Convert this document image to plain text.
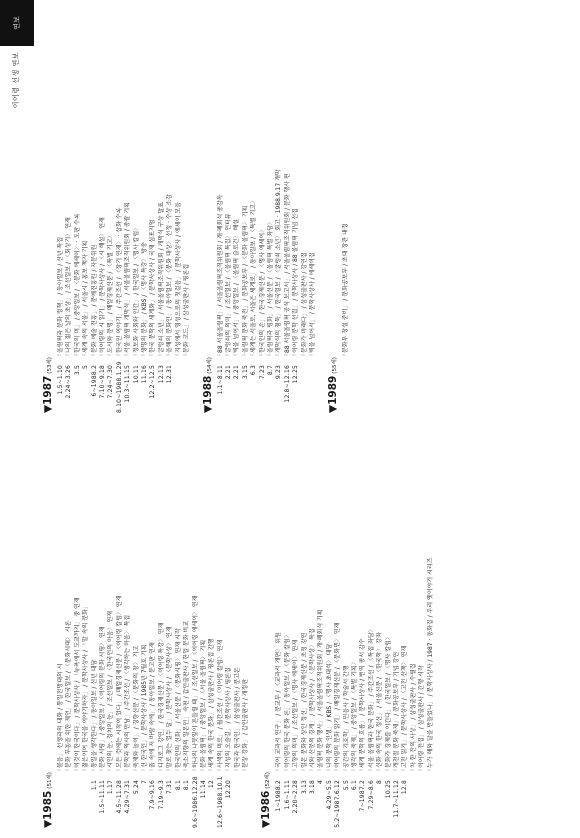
연보
이어령 선생 연보
▼
1985
(51세)
「물음」 선생과의 대화 / 통일전망대의 시 「문화 부흥을 위한 제언」 / 한국일보 / 〈문화시대〉 시론 「이것이 한국이다」 / 문학사상사 / 「뉴욕에서 도쿄까지」 중 연재 「젊은이여 한국을 이야기하자」 / 문학사상사 / 「말 속의 문화」
1.1
「통일을 생각한다」 / 동아일보 / 신년 대담
1.5~11.11
「문화 시평」 / 중앙일보 / 〈이어령의 문화 시평〉 연재
1.17
「시인의 눈, 정치의 눈」 / 조선일보 / 〈한국인의 마음〉 연재
4.5~11.28
「모든 것에는 시작이 있다」 / 매일경제신문 / 〈이어령 칼럼〉 연재
4.29~7.31
「문학과 역사의 만남」 / 주간조선 / 〈생각하는 마음〉 특집
5.24
「축제와 놀이」 / 경향신문 / 〈문화의 창〉 기고
7
「신 한국인」 / 문학사상사 / 1985년 7월호 기획
7.9~9.16
「흙 속에 저 바람 속에」 / 동아일보 / 문고판 연재
7.19~9.3
「디지로그 강연」 / 한국경제신문 / 〈이어령 특강〉 연재
7.31
「말로 찾는 열두 달」 / 문학사상사 / 〈문학사상〉 연재
8.1
「한국인의 신화」 / 서울신문 / 〈문화시평〉 연재 시작
8.1
「축소지향의 일본인」 속편 / 갑인출판사 / 한일 문화 비교
9.6~1986.12.28
「하나의 나뭇잎이 흔들릴 때」 / 조선일보 / 〈이어령 에세이〉 연재
11.14
「문화 올림픽」 / 중앙일보 / 〈서울 올림픽〉 기획
12
「세계 속의 한국 문화」 / 삼성출판사 / 평론집 간행
12.6~1988.10.1
「사색의 미로」 / 월간조선 / 〈이어령 칼럼〉 연재
12.20
「지성의 오솔길」 / 문학사상사 / 평론집 「한국과 한국인」 / 삼성출판사 / 문고본 「문장 강화」 / 갑인출판사 / 개정판
▼
1986
(52세) 1~1988.2
「국어 교과서 연구」 / 문교부 / 〈교과서 개편〉 위원
1.6~1.11
「이어령의 한국 문화 론」 / 동아일보 / 〈문화 칼럼〉
2.20~2.28
「고향의 의미」 / 조선일보 / 〈명사 에세이〉 연재
3.13
「일본 문화와 상인 정신」 / 한국경제신문 / 초청 강연
3.18
「시와 산문의 경계」 / 문학사상사 / 〈문학사상〉 특집
4
「올림픽 문화 행사」 / 서울올림픽조직위원회 / 개·폐회식 기획
4.29~5.5
「나의 문학 인생」 / KBS / 〈명사 초대석〉 대담
5.2~1987.6.12
「이어령의 문화 읽기」 / 매일경제신문 / 〈문화면〉 연재
5.5
「공간의 기호학」 / 민음사 / 학술서 간행
6.1
「생각의 축제」 / 중앙일보 / 〈특별 기획〉
7~1987.2
「세계 문학의 흐름」 / 문학사상사 / 번역 총서 감수
7.29~8.6
「서울 올림픽과 한국 문화」 / 주간조선 / 〈특집 좌담〉
8
「신화 속의 한국 정신」 / 서울신문 / 〈한국학〉 강좌
10.25
「문화가 경제를 이긴다」 / 한국일보 / 〈명사 칼럼〉
11.7~11.12
「개천절 문화 축제」 / 문화공보부 / 기념 강연
12.8
「고전 읽기」 / 문학사상사 / 〈고전 산책〉 연재 「차 한 잔의 사상」 / 삼성출판사 / 수필집 「이어령 전집」 / 삼성출판사 / 간행 시작 「누가 해와 달을 만들었나」 / 문학사상사 / 1987 · 동화집 / 우리 옛이야기 시리즈
▼
1987
(53세) 1.5~1.10
「올림픽과 문화 정책」 / 동아일보 / 신년 특집
2.24~3.26
「나의 젊은 날의 초상」 / 조선일보 / 〈회상기〉 연재
3.5
「한국의 미」 / 중앙일보 / 〈문화 에세이〉 · 도판 수록
5
「세계 속의 서울」 / 서울시 / 홍보 책자 기획
6~1988.2
「문화 예술 진흥」 / 문예진흥원 / 자문위원
7.10~9.18
「이어령의 시 읽기」 / 문학사상사 / 〈시 해설〉 연재
7.24~7.30
「도시와 문명」 / 매일경제신문 / 〈특별 기고〉
8.10~1988.1.29
「한국인 이야기」 / 주간조선 / 〈장기 연재〉 · 삽화 수록
10.3~11.15
「서울 올림픽 개막식」 / 서울올림픽조직위원회 / 총괄 기획
10.11
「정보화 사회와 인간」 / 한국일보 / 〈명사 칼럼〉
11.16
「생명의 문화」 / KBS / 〈명사 특강〉 방송
12.2~12.5
「한국 문학의 세계화」 / 문학사상사 / 국제 심포지엄
12.13
「굴렁쇠 소년」 / 서울올림픽조직위원회 / 개막식 구상 발표
12.31
「올해의 문화인」 / 동아일보 / 〈문화 대상〉 선정 · 수상 소감 「지성에서 영성으로의 첫걸음」 / 문학사상사 / 에세이 모음 「문화 코드」 / 삼성출판사 / 평론집
▼
1988
(54세) 1.1~8.11
「88 서울올림픽」 / 서울올림픽조직위원회 / 개·폐회식 총감독
2.21
「굴렁쇠의 의미」 / 조선일보 / 〈올림픽 특집〉 인터뷰
2.21
「벽을 넘어서」 / 중앙일보 / 〈올림픽 슬로건〉 해설
3.15
「올림픽 문화 축전」 / 문화공보부 / 〈문화 올림픽〉 기획
6.3
「세계는 서울로, 서울은 세계로」 / 동아일보 / 〈특별 기고〉
7.23
「한국인의 손」 / 한국경제신문 / 〈명사 에세이〉
8.7
「올림픽과 평화」 / 서울신문 / 〈올림픽 특별 좌담〉
9.23
「개막식의 침묵」 / 한국일보 / 〈굴렁쇠 소년〉 회고 · 1988.9.17 개막
12.8~12.16
「88 서울올림픽 공식 보고서」 / 서울올림픽조직위원회 / 문화 행사 편
12.25
「이어령 문학 선집」 / 문학사상사 / 88 올림픽 기념 선집 「문화가 미래다」 / 삼성출판사 / 강연집 「벽을 넘어서」 / 문학사상사 / 에세이집
▼
1989
(55세)
「문화부 창설 준비」 / 문화공보부 / 초대 장관 내정
